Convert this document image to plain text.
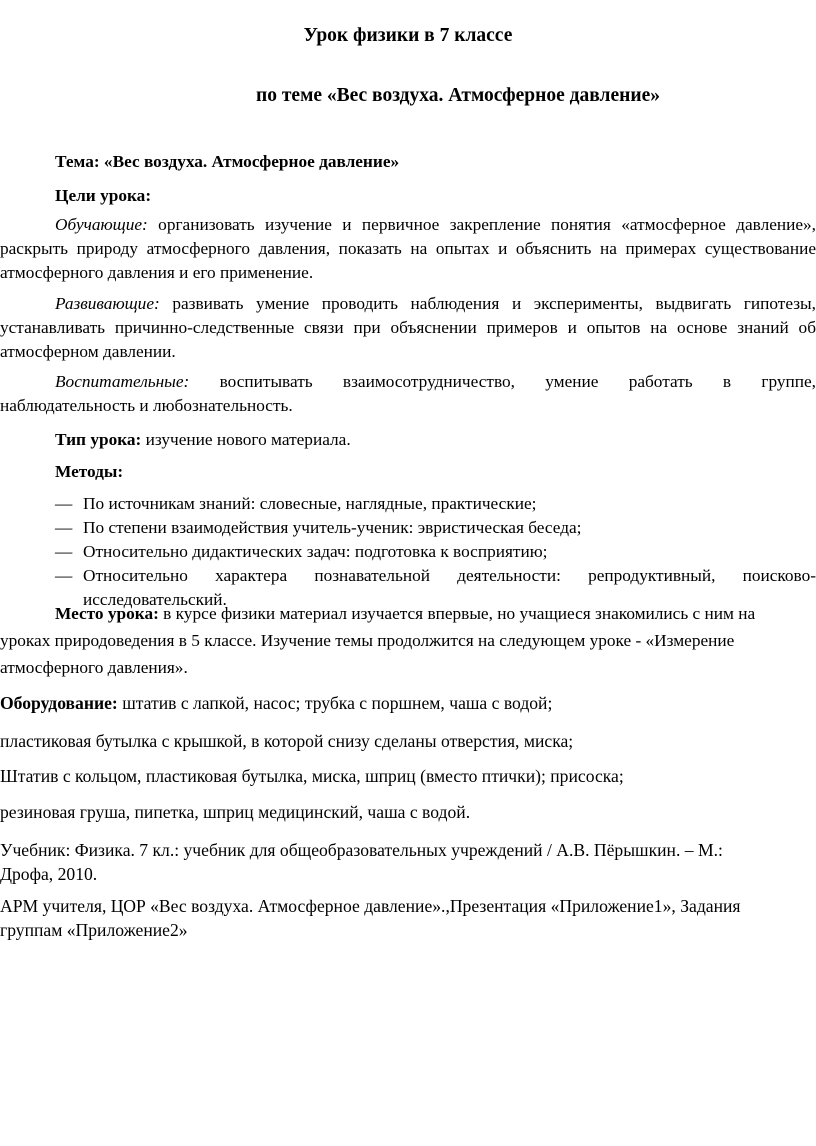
Урок физики в 7 классе
по теме «Вес воздуха. Атмосферное давление»
Тема: «Вес воздуха. Атмосферное давление»
Цели урока:
Обучающие: организовать изучение и первичное закрепление понятия «атмосферное давление», раскрыть природу атмосферного давления, показать на опытах и объяснить на примерах существование атмосферного давления и его применение.
Развивающие: развивать умение проводить наблюдения и эксперименты, выдвигать гипотезы, устанавливать причинно-следственные связи при объяснении примеров и опытов на основе знаний об атмосферном давлении.
Воспитательные: воспитывать взаимосотрудничество, умение работать в группе,
наблюдательность и любознательность.
Тип урока: изучение нового материала.
Методы:
— По источникам знаний: словесные, наглядные, практические;
— По степени взаимодействия учитель-ученик: эвристическая беседа;
— Относительно дидактических задач: подготовка к восприятию;
— Относительно характера познавательной деятельности: репродуктивный, поисково-исследовательский.
Место урока: в курсе физики материал изучается впервые, но учащиеся знакомились с ним на
уроках природоведения в 5 классе. Изучение темы продолжится на следующем уроке - «Измерение
атмосферного давления».
Оборудование: штатив с лапкой, насос; трубка с поршнем, чаша с водой;
пластиковая бутылка с крышкой, в которой снизу сделаны отверстия, миска;
Штатив с кольцом, пластиковая бутылка, миска, шприц (вместо птички); присоска;
резиновая груша, пипетка, шприц медицинский, чаша с водой.
Учебник: Физика. 7 кл.: учебник для общеобразовательных учреждений / А.В. Пёрышкин. – М.:
Дрофа, 2010.
АРМ учителя, ЦОР «Вес воздуха. Атмосферное давление».,Презентация «Приложение1», Задания
группам «Приложение2»
